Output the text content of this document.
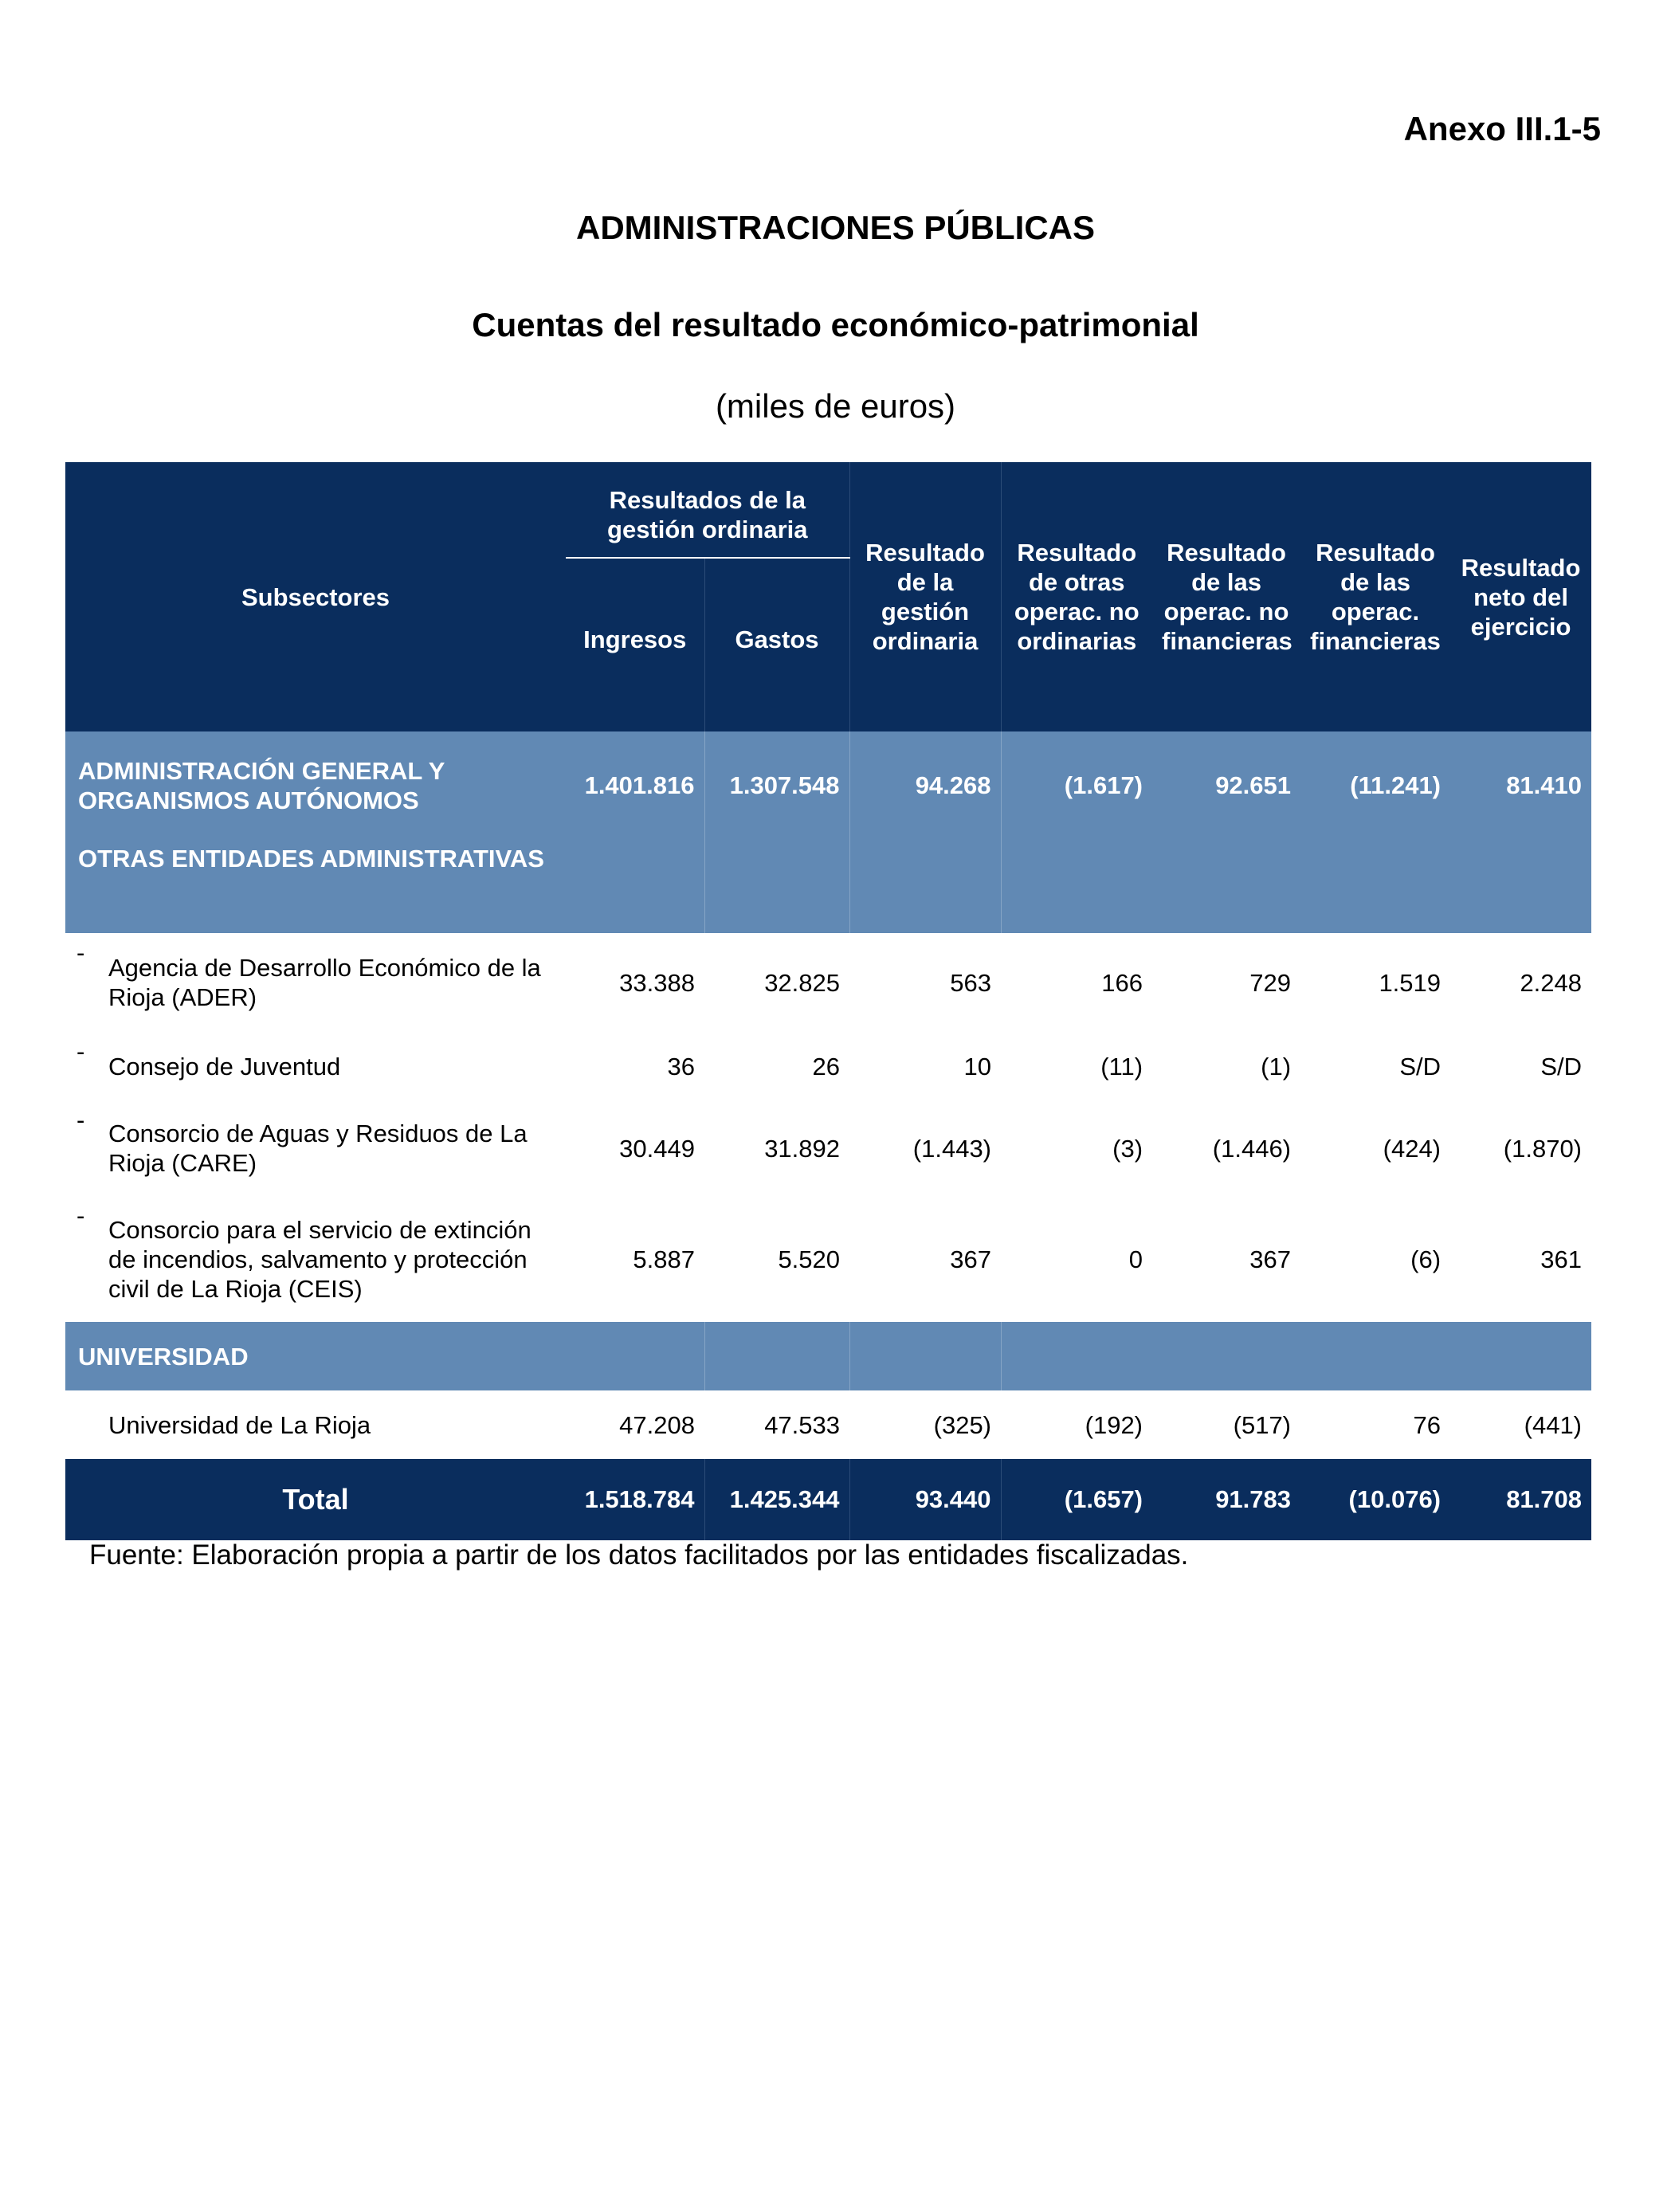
Anexo III.1-5
ADMINISTRACIONES PÚBLICAS
Cuentas del resultado económico-patrimonial
(miles de euros)
Subsectores	Resultados de la gestión ordinaria		Resultado de la gestión ordinaria	Resultado de otras operac. no ordinarias	Resultado de las operac. no financieras	Resultado de las operac. financieras	Resultado neto del ejercicio
	Ingresos	Gastos					
ADMINISTRACIÓN GENERAL Y ORGANISMOS AUTÓNOMOS	1.401.816	1.307.548	94.268	(1.617)	92.651	(11.241)	81.410
OTRAS ENTIDADES ADMINISTRATIVAS							

-
Agencia de Desarrollo Económico de la Rioja (ADER)	33.388	32.825	563	166	729	1.519	2.248

-
Consejo de Juventud	36	26	10	(11)	(1)	S/D	S/D

- Consorcio de Aguas y Residuos de La Rioja (CARE)	30.449	31.892	(1.443)	(3)	(1.446)	(424)	(1.870)

- Consorcio para el servicio de extinción de incendios, salvamento y protección civil de La Rioja (CEIS)	5.887	5.520	367	0	367	(6)	361
UNIVERSIDAD							

Universidad de La Rioja	47.208	47.533	(325)	(192)	(517)	76	(441)
Total	1.518.784	1.425.344	93.440	(1.657)	91.783	(10.076)	81.708
Fuente: Elaboración propia a partir de los datos facilitados por las entidades fiscalizadas.
